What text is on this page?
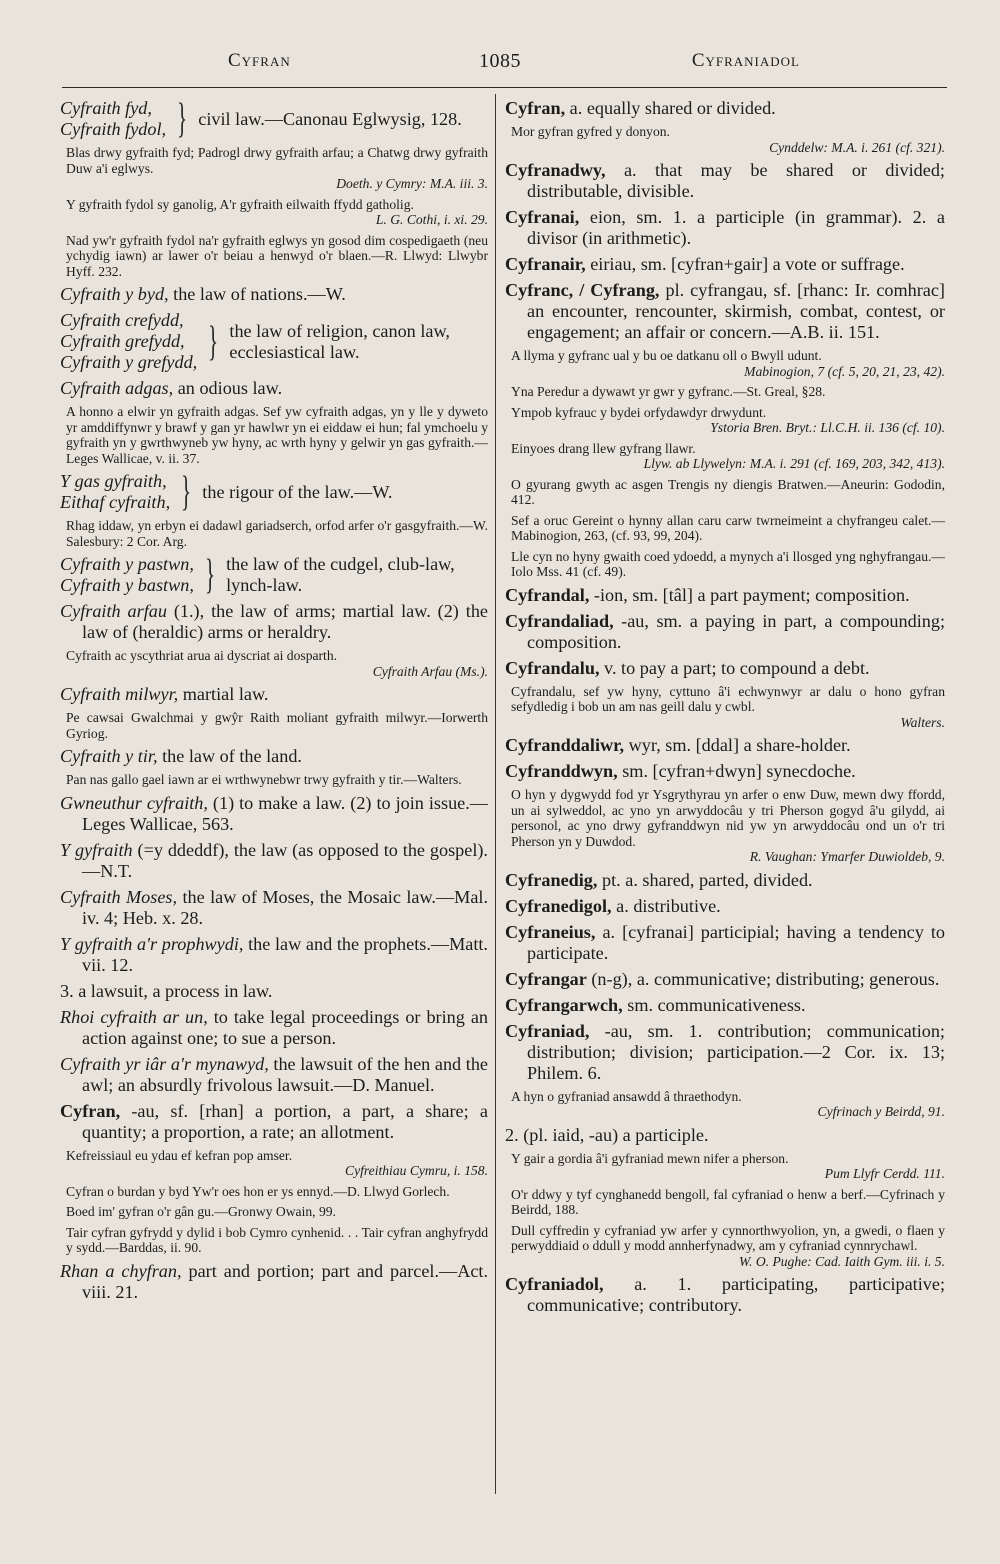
Cyfran	1085	Cyfraniadol
Cyfraith fyd,
Cyfraith fydol, } civil law.—Canonau Eglwysig, 128.
Blas drwy gyfraith fyd; Padrogl drwy gyfraith arfau; a Chatwg drwy gyfraith Duw a'i eglwys.
Doeth. y Cymry: M.A. iii. 3.
Y gyfraith fydol sy ganolig, A'r gyfraith eilwaith ffydd gatholig.
L. G. Cothi, i. xi. 29.
Nad yw'r gyfraith fydol na'r gyfraith eglwys yn gosod dim cospedigaeth (neu ychydig iawn) ar lawer o'r beiau a henwyd o'r blaen.—R. Llwyd: Llwybr Hyff. 232.
Cyfraith y byd, the law of nations.—W.
Cyfraith crefydd,
Cyfraith grefydd,
Cyfraith y grefydd, } the law of religion, canon law, ecclesiastical law.
Cyfraith adgas, an odious law.
A honno a elwir yn gyfraith adgas. Sef yw cyfraith adgas, yn y lle y dyweto yr amddiffynwr y brawf y gan yr hawlwr yn ei eiddaw ei hun; fal ymchoelu y gyfraith yn y gwrthwyneb yw hyny, ac wrth hyny y gelwir yn gas gyfraith.—Leges Wallicae, v. ii. 37.
Y gas gyfraith,
Eithaf cyfraith, } the rigour of the law.—W.
Rhag iddaw, yn erbyn ei dadawl gariadserch, orfod arfer o'r gasgyfraith.—W. Salesbury: 2 Cor. Arg.
Cyfraith y pastwn,
Cyfraith y bastwn, } the law of the cudgel, club-law, lynch-law.
Cyfraith arfau (1.), the law of arms; martial law. (2) the law of (heraldic) arms or heraldry.
Cyfraith ac yscythriat arua ai dyscriat ai dosparth.
Cyfraith Arfau (Ms.).
Cyfraith milwyr, martial law.
Pe cawsai Gwalchmai y gwŷr Raith moliant gyfraith milwyr.—Iorwerth Gyriog.
Cyfraith y tir, the law of the land.
Pan nas gallo gael iawn ar ei wrthwynebwr trwy gyfraith y tir.—Walters.
Gwneuthur cyfraith, (1) to make a law. (2) to join issue.—Leges Wallicae, 563.
Y gyfraith (=y ddeddf), the law (as opposed to the gospel).—N.T.
Cyfraith Moses, the law of Moses, the Mosaic law.—Mal. iv. 4; Heb. x. 28.
Y gyfraith a'r prophwydi, the law and the prophets.—Matt. vii. 12.
3. a lawsuit, a process in law.
Rhoi cyfraith ar un, to take legal proceedings or bring an action against one; to sue a person.
Cyfraith yr iâr a'r mynawyd, the lawsuit of the hen and the awl; an absurdly frivolous lawsuit.—D. Manuel.
Cyfran, -au, sf. [rhan] a portion, a part, a share; a quantity; a proportion, a rate; an allotment.
Kefreissiaul eu ydau ef kefran pop amser.
Cyfreithiau Cymru, i. 158.
Cyfran o burdan y byd Yw'r oes hon er ys ennyd.—D. Llwyd Gorlech.
Boed im' gyfran o'r gân gu.—Gronwy Owain, 99.
Tair cyfran gyfrydd y dylid i bob Cymro cynhenid. . . Tair cyfran anghyfrydd y sydd.—Barddas, ii. 90.
Rhan a chyfran, part and portion; part and parcel.—Act. viii. 21.
Cyfran, a. equally shared or divided.
Mor gyfran gyfred y donyon.
Cynddelw: M.A. i. 261 (cf. 321).
Cyfranadwy, a. that may be shared or divided; distributable, divisible.
Cyfranai, eion, sm. 1. a participle (in grammar). 2. a divisor (in arithmetic).
Cyfranair, eiriau, sm. [cyfran+gair] a vote or suffrage.
Cyfranc, / Cyfrang, pl. cyfrangau, sf. [rhanc: Ir. comhrac] an encounter, rencounter, skirmish, combat, contest, or engagement; an affair or concern.—A.B. ii. 151.
A llyma y gyfranc ual y bu oe datkanu oll o Bwyll udunt.
Mabinogion, 7 (cf. 5, 20, 21, 23, 42).
Yna Peredur a dywawt yr gwr y gyfranc.—St. Greal, §28.
Ympob kyfrauc y bydei orfydawdyr drwydunt.
Ystoria Bren. Bryt.: Ll.C.H. ii. 136 (cf. 10).
Einyoes drang llew gyfrang llawr.
Llyw. ab Llywelyn: M.A. i. 291 (cf. 169, 203, 342, 413).
O gyurang gwyth ac asgen Trengis ny diengis Bratwen.—Aneurin: Gododin, 412.
Sef a oruc Gereint o hynny allan caru carw twrneimeint a chyfrangeu calet.—Mabinogion, 263, (cf. 93, 99, 204).
Lle cyn no hyny gwaith coed ydoedd, a mynych a'i llosged yng nghyfrangau.—Iolo Mss. 41 (cf. 49).
Cyfrandal, -ion, sm. [tâl] a part payment; composition.
Cyfrandaliad, -au, sm. a paying in part, a compounding; composition.
Cyfrandalu, v. to pay a part; to compound a debt.
Cyfrandalu, sef yw hyny, cyttuno â'i echwynwyr ar dalu o hono gyfran sefydledig i bob un am nas geill dalu y cwbl.
Walters.
Cyfranddaliwr, wyr, sm. [ddal] a share-holder.
Cyfranddwyn, sm. [cyfran+dwyn] synecdoche.
O hyn y dygwydd fod yr Ysgrythyrau yn arfer o enw Duw, mewn dwy ffordd, un ai sylweddol, ac yno yn arwyddocâu y tri Pherson gogyd â'u gilydd, ai personol, ac yno drwy gyfranddwyn nid yw yn arwyddocâu ond un o'r tri Pherson yn y Duwdod.
R. Vaughan: Ymarfer Duwioldeb, 9.
Cyfranedig, pt. a. shared, parted, divided.
Cyfranedigol, a. distributive.
Cyfraneius, a. [cyfranai] participial; having a tendency to participate.
Cyfrangar (n-g), a. communicative; distributing; generous.
Cyfrangarwch, sm. communicativeness.
Cyfraniad, -au, sm. 1. contribution; communication; distribution; division; participation.—2 Cor. ix. 13; Philem. 6.
A hyn o gyfraniad ansawdd â thraethodyn.
Cyfrinach y Beirdd, 91.
2. (pl. iaid, -au) a participle.
Y gair a gordia â'i gyfraniad mewn nifer a pherson.
Pum Llyfr Cerdd. 111.
O'r ddwy y tyf cynghanedd bengoll, fal cyfraniad o henw a berf.—Cyfrinach y Beirdd, 188.
Dull cyffredin y cyfraniad yw arfer y cynnorthwyolion, yn, a gwedi, o flaen y perwyddiaid o ddull y modd annherfynadwy, am y cyfraniad cynnrychawl.
W. O. Pughe: Cad. Iaith Gym. iii. i. 5.
Cyfraniadol, a. 1. participating, participative; communicative; contributory.
